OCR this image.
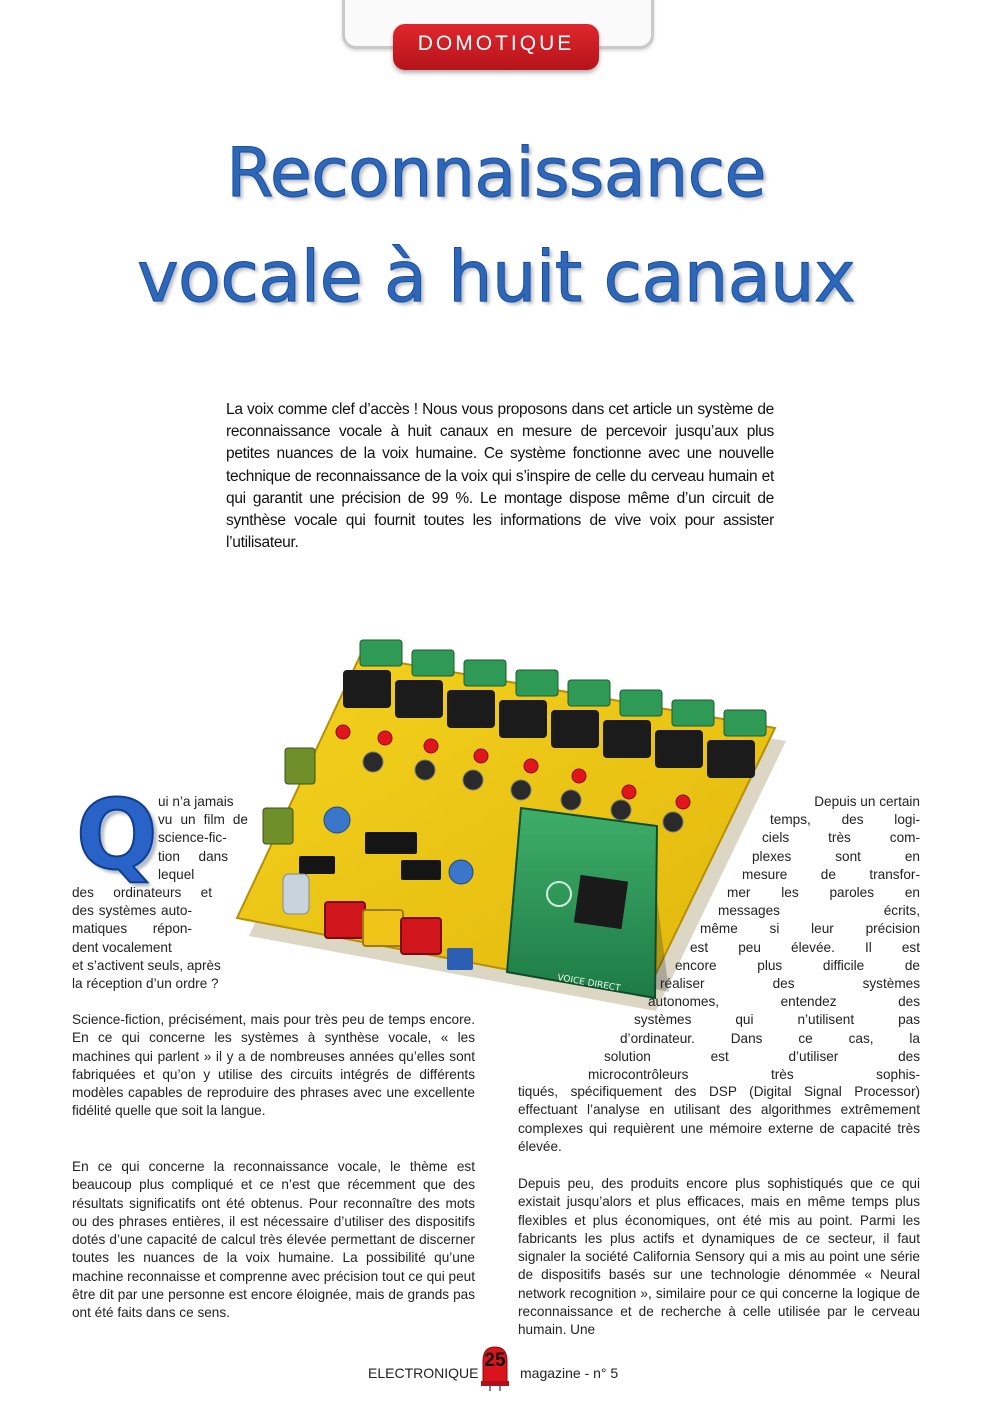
DOMOTIQUE
Reconnaissance
vocale à huit canaux

La voix comme clef d’accès ! Nous vous proposons dans cet article un système de reconnaissance vocale à huit canaux en mesure de percevoir jusqu’aux plus petites nuances de la voix humaine. Ce système fonctionne avec une nouvelle technique de reconnaissance de la voix qui s’inspire de celle du cerveau humain et qui garantit une précision de 99 %. Le montage dispose même d’un circuit de synthèse vocale qui fournit toutes les informations de vive voix pour assister l’utilisateur.

VOICE DIRECT
Q ui n’a jamais
vu un film de
science-fic-
tion dans
lequel
des ordinateurs et
des systèmes auto-
matiques répon-
dent vocalement
et s’activent seuls, après
la réception d’un ordre ?

Science-fiction, précisément, mais pour très peu de temps encore. En ce qui concerne les systèmes à synthèse vocale, « les machines qui parlent » il y a de nombreuses années qu’elles sont fabriquées et qu’on y utilise des circuits intégrés de différents modèles capables de reproduire des phrases avec une excellente fidélité quelle que soit la langue.

En ce qui concerne la reconnaissance vocale, le thème est beaucoup plus compliqué et ce n’est que récemment que des résultats significatifs ont été obtenus. Pour reconnaître des mots ou des phrases entières, il est nécessaire d’utiliser des dispositifs dotés d’une capacité de calcul très élevée permettant de discerner toutes les nuances de la voix humaine. La possibilité qu’une machine reconnaisse et comprenne avec précision tout ce qui peut être dit par une personne est encore éloignée, mais de grands pas ont été faits dans ce sens.

Depuis un certain
temps, des logi-
ciels très com-
plexes sont en
mesure de transfor-
mer les paroles en
messages écrits,
même si leur précision
est peu élevée. Il est
encore plus difficile de
réaliser des systèmes
autonomes, entendez des
systèmes qui n’utilisent pas
d’ordinateur. Dans ce cas, la
solution est d’utiliser des
microcontrôleurs très sophis-

tiqués, spécifiquement des DSP (Digital Signal Processor) effectuant l’analyse en utilisant des algorithmes extrêmement complexes qui requièrent une mémoire externe de capacité très élevée.

Depuis peu, des produits encore plus sophistiqués que ce qui existait jusqu’alors et plus efficaces, mais en même temps plus flexibles et plus économiques, ont été mis au point. Parmi les fabricants les plus actifs et dynamiques de ce secteur, il faut signaler la société California Sensory qui a mis au point une série de dispositifs basés sur une technologie dénommée « Neural network recognition », similaire pour ce qui concerne la logique de reconnaissance et de recherche à celle utilisée par le cerveau humain. Une

ELECTRONIQUE
25
magazine - n° 5
